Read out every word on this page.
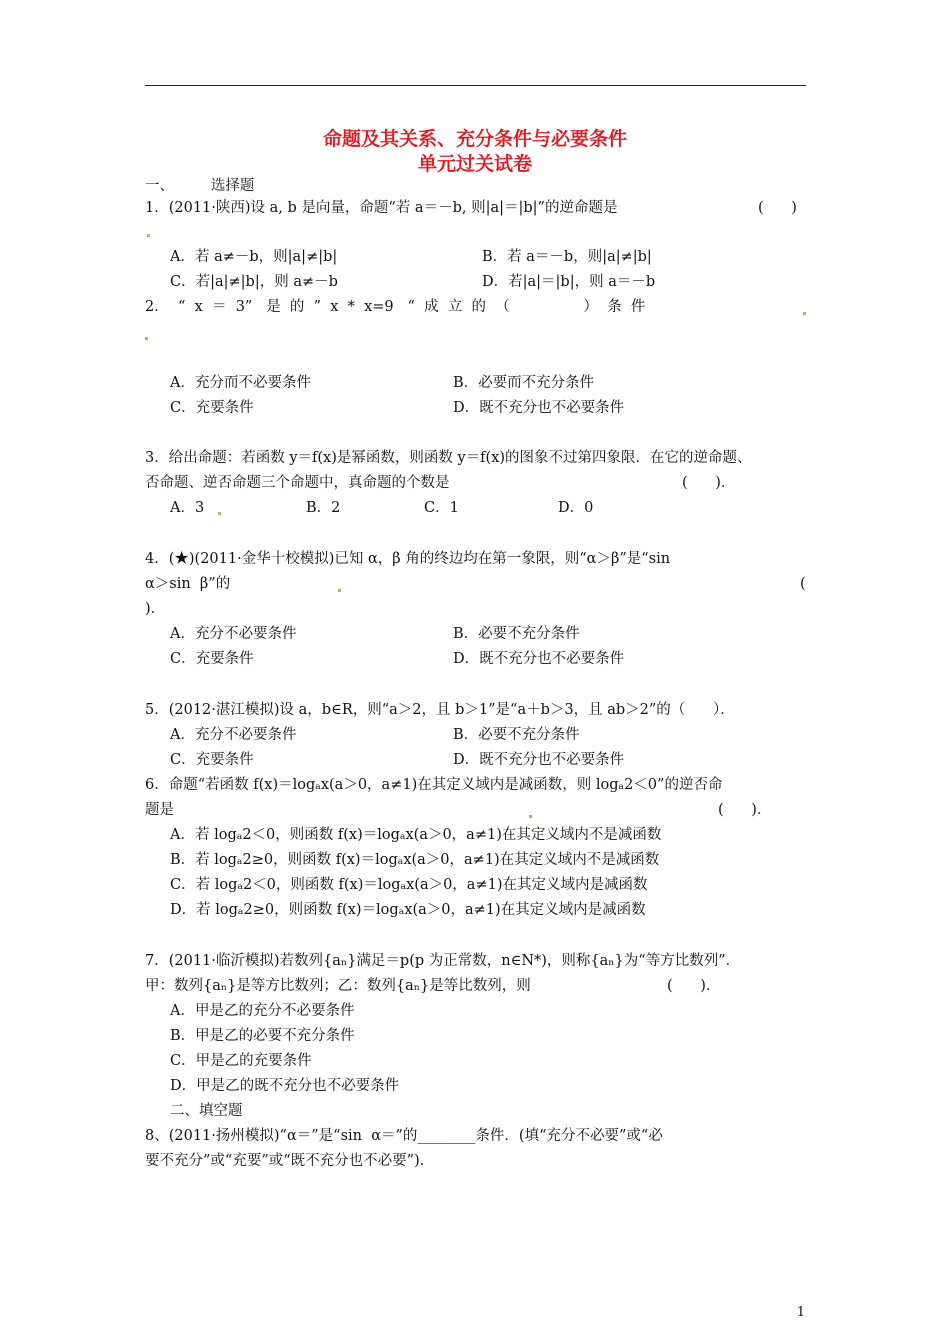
命题及其关系、充分条件与必要条件
单元过关试卷
一、        选择题
1．(2011·陕西)设 a, b 是向量，命题“若 a＝－b, 则|a|＝|b|”的逆命题是	(      )
A．若 a≠－b，则|a|≠|b|	B．若 a＝－b，则|a|≠|b|
C．若|a|≠|b|，则 a≠－b	D．若|a|＝|b|，则 a＝－b
2．  “  x  ＝  3”   是  的  ”  x  *  x=9   “  成  立  的  （                ）  条  件
A．充分而不必要条件	B．必要而不充分条件
C．充要条件	D．既不充分也不必要条件
3．给出命题：若函数 y＝f(x)是幂函数，则函数 y＝f(x)的图象不过第四象限．在它的逆命题、
否命题、逆否命题三个命题中，真命题的个数是	(      )．
A．3	B．2	C．1	D．0
4．(★)(2011·金华十校模拟)已知 α，β 角的终边均在第一象限，则“α＞β”是“sin
α＞sin  β”的	(
)．
A．充分不必要条件	B．必要不充分条件
C．充要条件	D．既不充分也不必要条件
5．(2012·湛江模拟)设 a，b∈R，则“a＞2，且 b＞1”是“a＋b＞3，且 ab＞2”的（      ）．
A．充分不必要条件	B．必要不充分条件
C．充要条件	D．既不充分也不必要条件
6．命题“若函数 f(x)＝logₐx(a＞0，a≠1)在其定义域内是减函数，则 logₐ2＜0”的逆否命
题是	(      )．
A．若 logₐ2＜0，则函数 f(x)＝logₐx(a＞0，a≠1)在其定义域内不是减函数
B．若 logₐ2≥0，则函数 f(x)＝logₐx(a＞0，a≠1)在其定义域内不是减函数
C．若 logₐ2＜0，则函数 f(x)＝logₐx(a＞0，a≠1)在其定义域内是减函数
D．若 logₐ2≥0，则函数 f(x)＝logₐx(a＞0，a≠1)在其定义域内是减函数
7．(2011·临沂模拟)若数列{aₙ}满足＝p(p 为正常数，n∈N*)，则称{aₙ}为“等方比数列”．
甲：数列{aₙ}是等方比数列；乙：数列{aₙ}是等比数列，则	(      )．
A．甲是乙的充分不必要条件
B．甲是乙的必要不充分条件
C．甲是乙的充要条件
D．甲是乙的既不充分也不必要条件
二、填空题
8、(2011·扬州模拟)“α＝”是“sin  α＝”的________条件．(填“充分不必要”或“必
要不充分”或“充要”或“既不充分也不必要”)．
1
